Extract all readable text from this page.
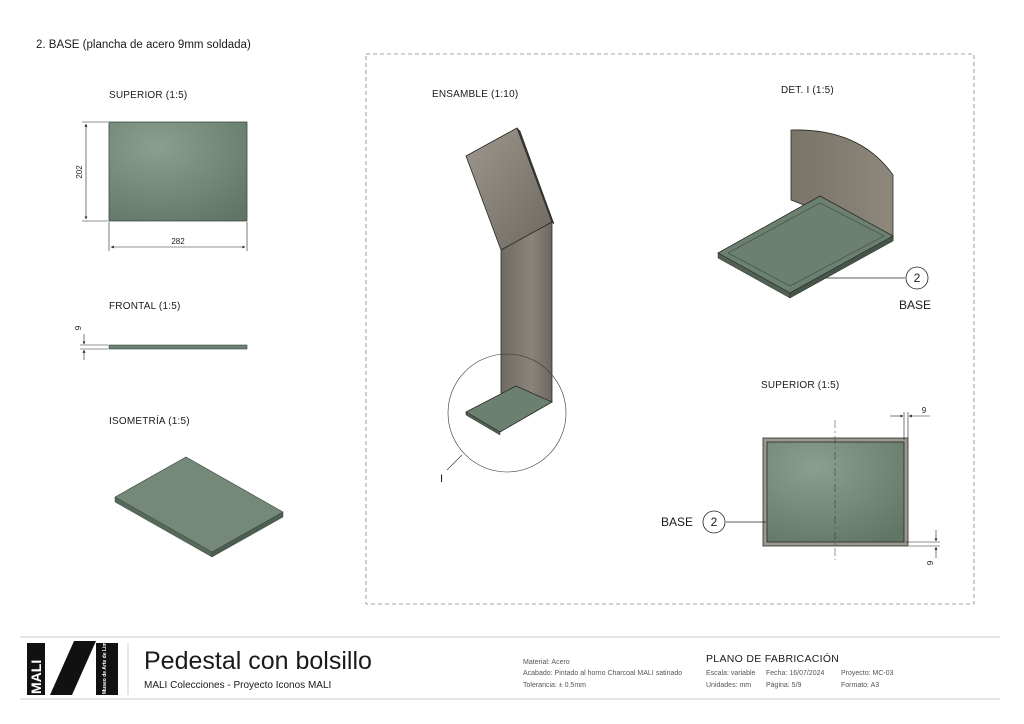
2. BASE (plancha de acero 9mm soldada)
SUPERIOR (1:5)
202
282
FRONTAL (1:5)
9
ISOMETRÍA (1:5)
ENSAMBLE (1:10)
I
DET. I (1:5)
2
BASE
SUPERIOR (1:5)
9
9
2
BASE
MALI	Museo de Arte de Lima Pedestal con bolsillo
MALI Colecciones - Proyecto Iconos MALI
Material: Acero
Acabado: Pintado al horno Charcoal MALI satinado
Tolerancia: ± 0.5mm
PLANO DE FABRICACIÓN
Escala: variable Fecha: 16/07/2024 Proyecto: MC-03
Unidades: mm Página: 5/9	Formato: A3
